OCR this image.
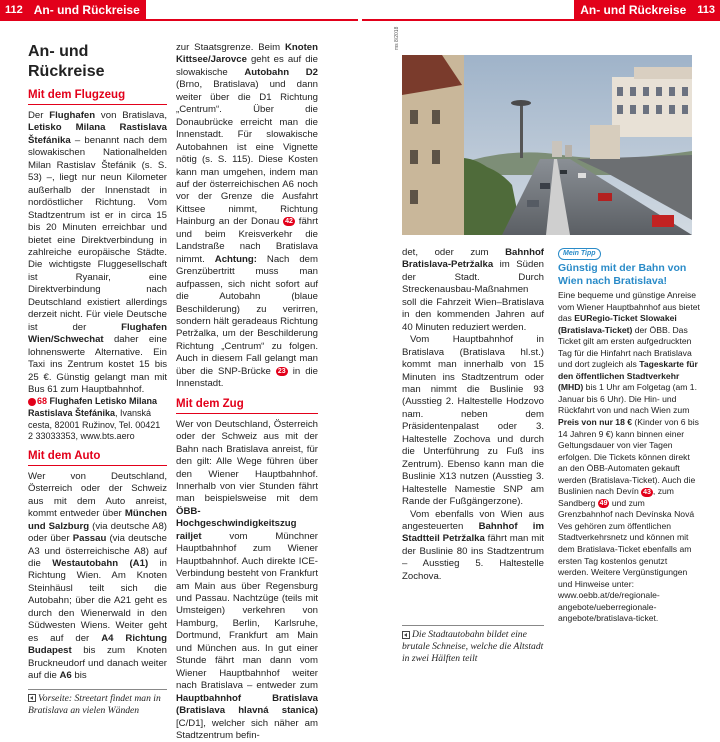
112 An- und Rückreise	An- und Rückreise	113
An- und Rückreise
Mit dem Flugzeug

Der Flughafen von Bratislava, Letisko Milana Rastislava Štefánika – benannt nach dem slowakischen Nationalhelden Milan Rastislav Štefánik (s. S. 53) –, liegt nur neun Kilometer außerhalb der Innenstadt in nordöstlicher Richtung. Vom Stadtzentrum ist er in circa 15 bis 20 Minuten erreichbar und bietet eine Direktverbindung in zahlreiche europäische Städte. Die wichtigste Fluggesellschaft ist Ryanair, eine Direktverbindung nach Deutschland existiert allerdings derzeit nicht. Für viele Deutsche ist der Flughafen Wien/Schwechat daher eine lohnenswerte Alternative. Ein Taxi ins Zentrum kostet 15 bis 25 €. Günstig gelangt man mit Bus 61 zum Hauptbahnhof.

68 Flughafen Letisko Milana Rastislava Štefánika, Ivanská cesta, 82001 Ružinov, Tel. 00421 2 33033353, www.bts.aero
Mit dem Auto

Wer von Deutschland, Österreich oder der Schweiz aus mit dem Auto anreist, kommt entweder über München und Salzburg (via deutsche A8) oder über Passau (via deutsche A3 und österreichische A8) auf die Westautobahn (A1) in Richtung Wien. Am Knoten Steinhäusl teilt sich die Autobahn; über die A21 geht es durch den Wienerwald in den Südwesten Wiens. Weiter geht es auf der A4 Richtung Budapest bis zum Knoten Bruckneudorf und danach weiter auf die A6 bis

Vorseite: Streetart findet man in Bratislava an vielen Wänden

zur Staatsgrenze. Beim Knoten Kittsee/Jarovce geht es auf die slowakische Autobahn D2 (Brno, Bratislava) und dann weiter über die D1 Richtung „Centrum“. Über die Donaubrücke erreicht man die Innenstadt. Für slowakische Autobahnen ist eine Vignette nötig (s. S. 115). Diese Kosten kann man umgehen, indem man auf der österreichischen A6 noch vor der Grenze die Ausfahrt Kittsee nimmt, Richtung Hainburg an der Donau 42 fährt und beim Kreisverkehr die Landstraße nach Bratislava nimmt. Achtung: Nach dem Grenzübertritt muss man aufpassen, sich nicht sofort auf die Autobahn (blaue Beschilderung) zu verirren, sondern hält geradeaus Richtung Petržalka, um der Beschilderung Richtung „Centrum“ zu folgen. Auch in diesem Fall gelangt man über die SNP-Brücke 23 in die Innenstadt.

Mit dem Zug

Wer von Deutschland, Österreich oder der Schweiz aus mit der Bahn nach Bratislava anreist, für den gilt: Alle Wege führen über den Wiener Hauptbahnhof. Innerhalb von vier Stunden fährt man beispielsweise mit dem ÖBB-Hochgeschwindigkeitszug railjet vom Münchner Hauptbahnhof zum Wiener Hauptbahnhof. Auch direkte ICE-Verbindung besteht von Frankfurt am Main aus über Regensburg und Passau. Nachtzüge (teils mit Umsteigen) verkehren von Hamburg, Berlin, Karlsruhe, Dortmund, Frankfurt am Main und München aus. In gut einer Stunde fährt man dann vom Wiener Hauptbahnhof weiter nach Bratislava – entweder zum Hauptbahnhof Bratislava (Bratislava hlavná stanica) [C/D1], welcher sich näher am Stadtzentrum befin-

ms 8/2018

det, oder zum Bahnhof Bratislava-Petržalka im Süden der Stadt. Durch Streckenausbau-Maßnahmen soll die Fahrzeit Wien–Bratislava in den kommenden Jahren auf 40 Minuten reduziert werden.

Vom Hauptbahnhof in Bratislava (Bratislava hl.st.) kommt man innerhalb von 15 Minuten ins Stadtzentrum oder man nimmt die Buslinie 93 (Ausstieg 2. Haltestelle Hodzovo nam. neben dem Präsidentenpalast oder 3. Haltestelle Zochova und durch die Unterführung zu Fuß ins Zentrum). Ebenso kann man die Buslinie X13 nutzen (Ausstieg 3. Haltestelle Namestie SNP am Rande der Fußgängerzone).

Vom ebenfalls von Wien aus angesteuerten Bahnhof im Stadtteil Petržalka fährt man mit der Buslinie 80 ins Stadtzentrum – Ausstieg 5. Haltestelle Zochova.

Die Stadtautobahn bildet eine brutale Schneise, welche die Altstadt in zwei Hälften teilt
Mein Tipp
Günstig mit der Bahn von Wien nach Bratislava!
Eine bequeme und günstige Anreise vom Wiener Hauptbahnhof aus bietet das EURegio-Ticket Slowakei (Bratislava-Ticket) der ÖBB. Das Ticket gilt am ersten aufgedruckten Tag für die Hinfahrt nach Bratislava und dort zugleich als Tageskarte für den öffentlichen Stadtverkehr (MHD) bis 1 Uhr am Folgetag (am 1. Januar bis 6 Uhr). Die Hin- und Rückfahrt von und nach Wien zum Preis von nur 18 € (Kinder von 6 bis 14 Jahren 9 €) kann binnen einer Geltungsdauer von vier Tagen erfolgen. Die Tickets können direkt an den ÖBB-Automaten gekauft werden (Bratislava-Ticket). Auch die Buslinien nach Devín 43 , zum Sandberg 49 und zum Grenzbahnhof nach Devínska Nová Ves gehören zum öffentlichen Stadtverkehrsnetz und können mit dem Bratislava-Ticket ebenfalls am ersten Tag kostenlos genutzt werden. Weitere Vergünstigungen und Hinweise unter: www.oebb.at/de/regionale-angebote/ueberregionale-angebote/bratislava-ticket.
